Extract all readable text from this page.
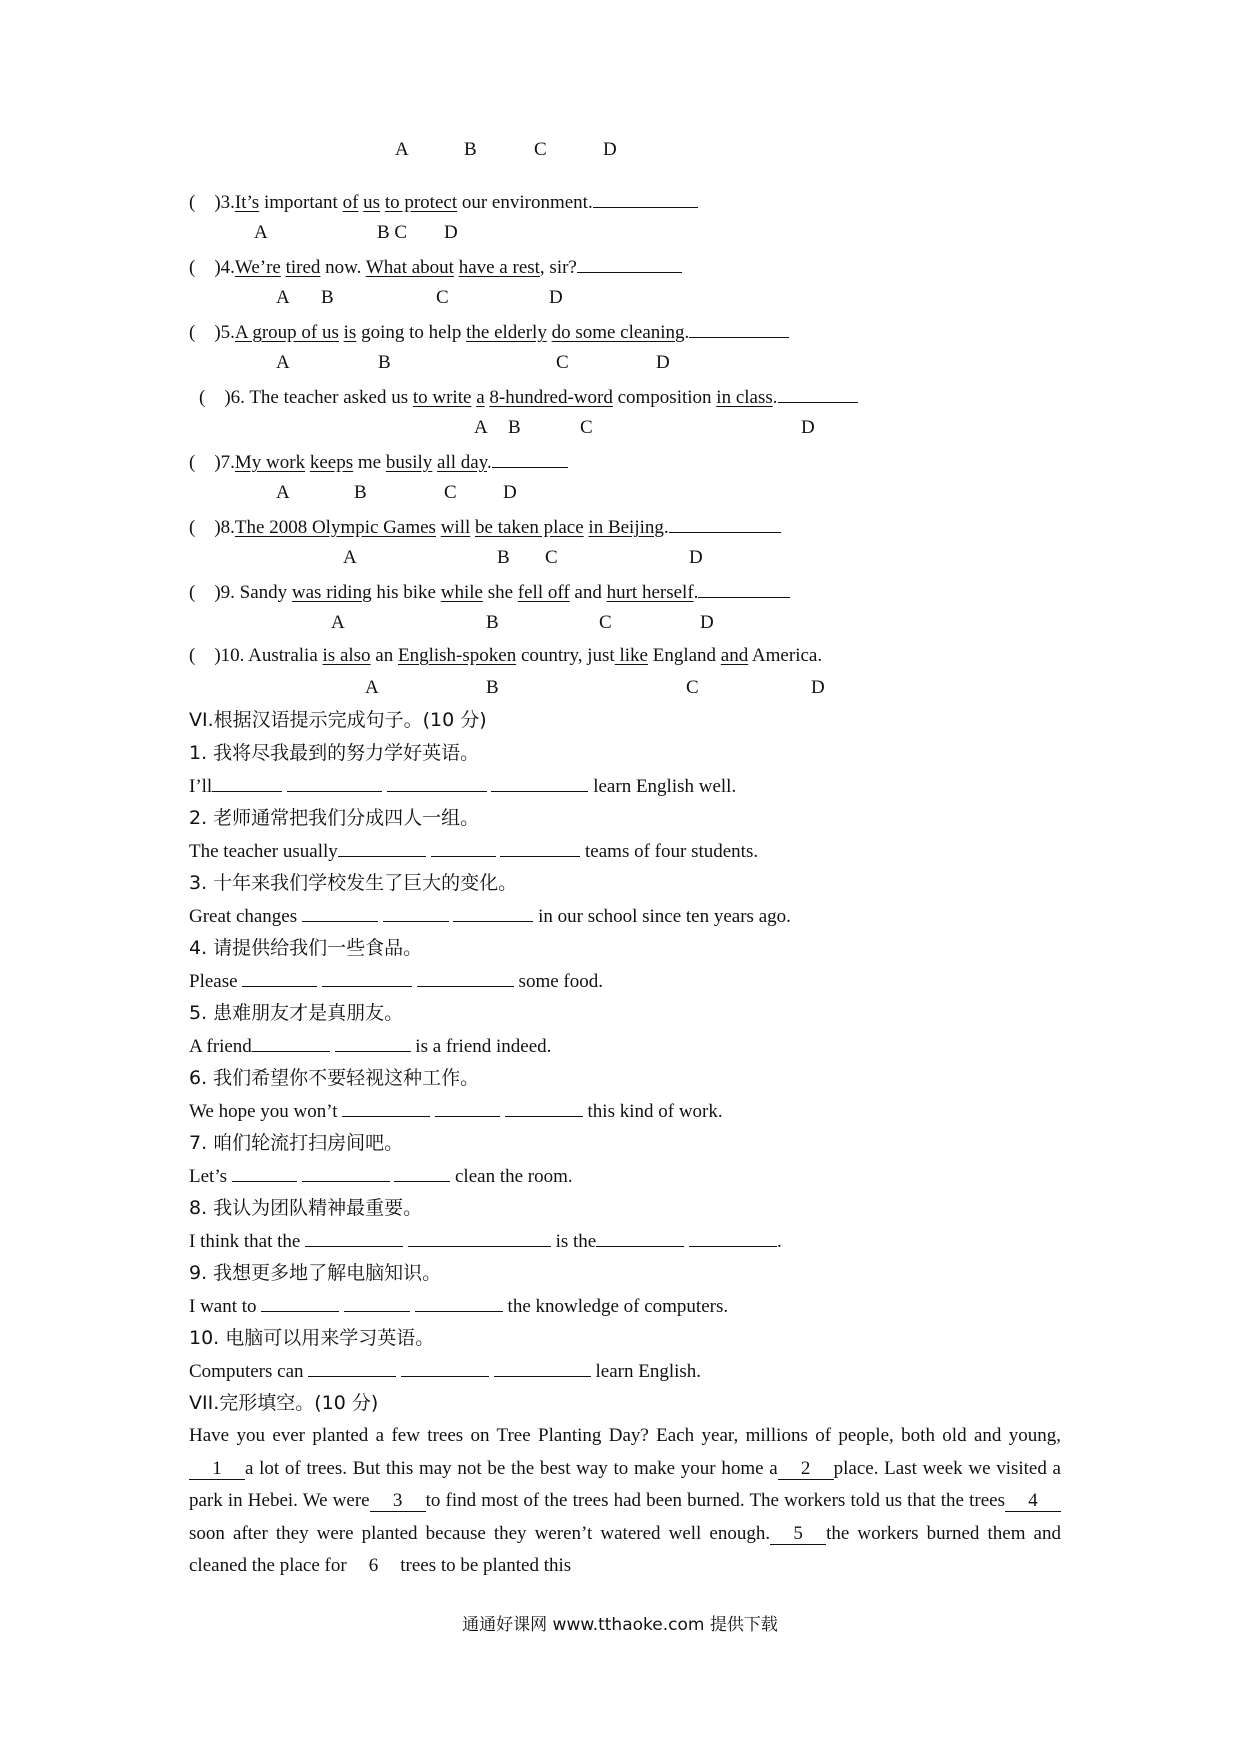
A	B	C	D
( )3.It’s important of us to protect our environment.
A	B C D
( )4.We’re tired now. What about have a rest, sir?
A B	C	D
( )5.A group of us is going to help the elderly do some cleaning.
A	B	C	D
( )6. The teacher asked us to write a 8-hundred-word composition in class.
A B	C	D
( )7.My work keeps me busily all day.
A	B	C D
( )8.The 2008 Olympic Games will be taken place in Beijing.
A	B C	D
( )9. Sandy was riding his bike while she fell off and hurt herself.
A	B	C	D
( )10. Australia is also an English-spoken country, just like England and America.
A	B	C	D
VI.根据汉语提示完成句子。(10 分)
1. 我将尽我最到的努力学好英语。
I’ll	learn English well.
2. 老师通常把我们分成四人一组。
The teacher usually	teams of four students.
3. 十年来我们学校发生了巨大的变化。
Great changes	in our school since ten years ago.
4. 请提供给我们一些食品。
Please	some food.
5. 患难朋友才是真朋友。
A friend	is a friend indeed.
6. 我们希望你不要轻视这种工作。
We hope you won’t	this kind of work.
7. 咱们轮流打扫房间吧。
Let’s	clean the room.
8. 我认为团队精神最重要。
I think that the	is the	.
9. 我想更多地了解电脑知识。
I want to	the knowledge of computers.
10. 电脑可以用来学习英语。
Computers can	learn English.
VII.完形填空。(10 分)
Have you ever planted a few trees on Tree Planting Day? Each year, millions of people, both old and young,1 a lot of trees. But this may not be the best way to make your home a 2 place. Last week we visited a park in Hebei. We were 3 to find most of the trees had been burned. The workers told us that the trees 4soon after they were planted because they weren’t watered well enough. 5 the workers burned them and cleaned the place for 6 trees to be planted this
通通好课网 www.tthaoke.com 提供下载
